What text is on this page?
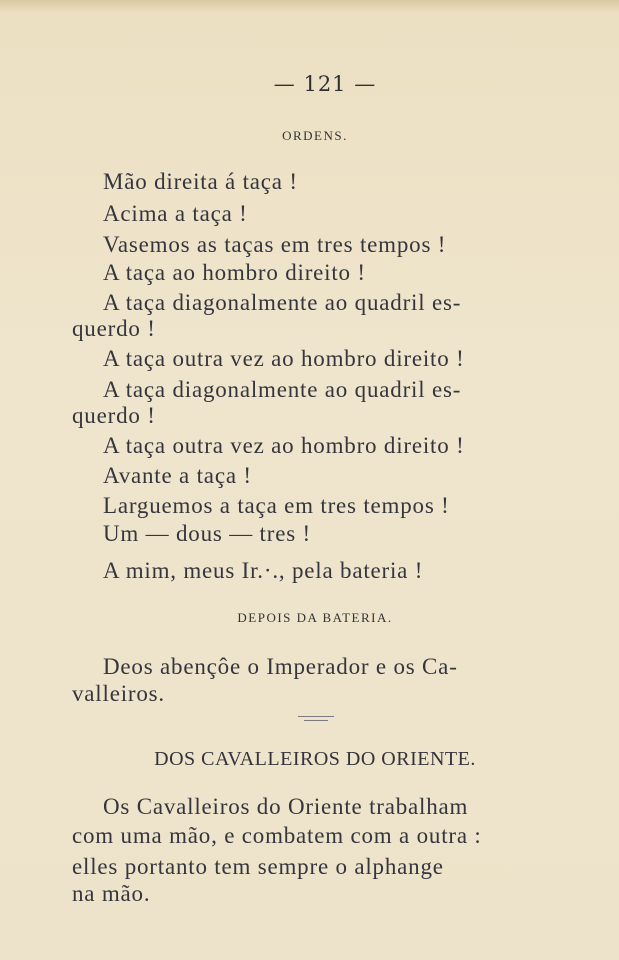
— 121 —
ORDENS.
Mão direita á taça !
Acima a taça !
Vasemos as taças em tres tempos !
A taça ao hombro direito !
A taça diagonalmente ao quadril es-
querdo !
A taça outra vez ao hombro direito !
A taça diagonalmente ao quadril es-
querdo !
A taça outra vez ao hombro direito !
Avante a taça !
Larguemos a taça em tres tempos !
Um — dous — tres !
A mim, meus Ir.·., pela bateria !
DEPOIS DA BATERIA.
Deos abençôe o Imperador e os Ca-
valleiros.
DOS CAVALLEIROS DO ORIENTE.
Os Cavalleiros do Oriente trabalham
com uma mão, e combatem com a outra :
elles portanto tem sempre o alphange
na mão.
